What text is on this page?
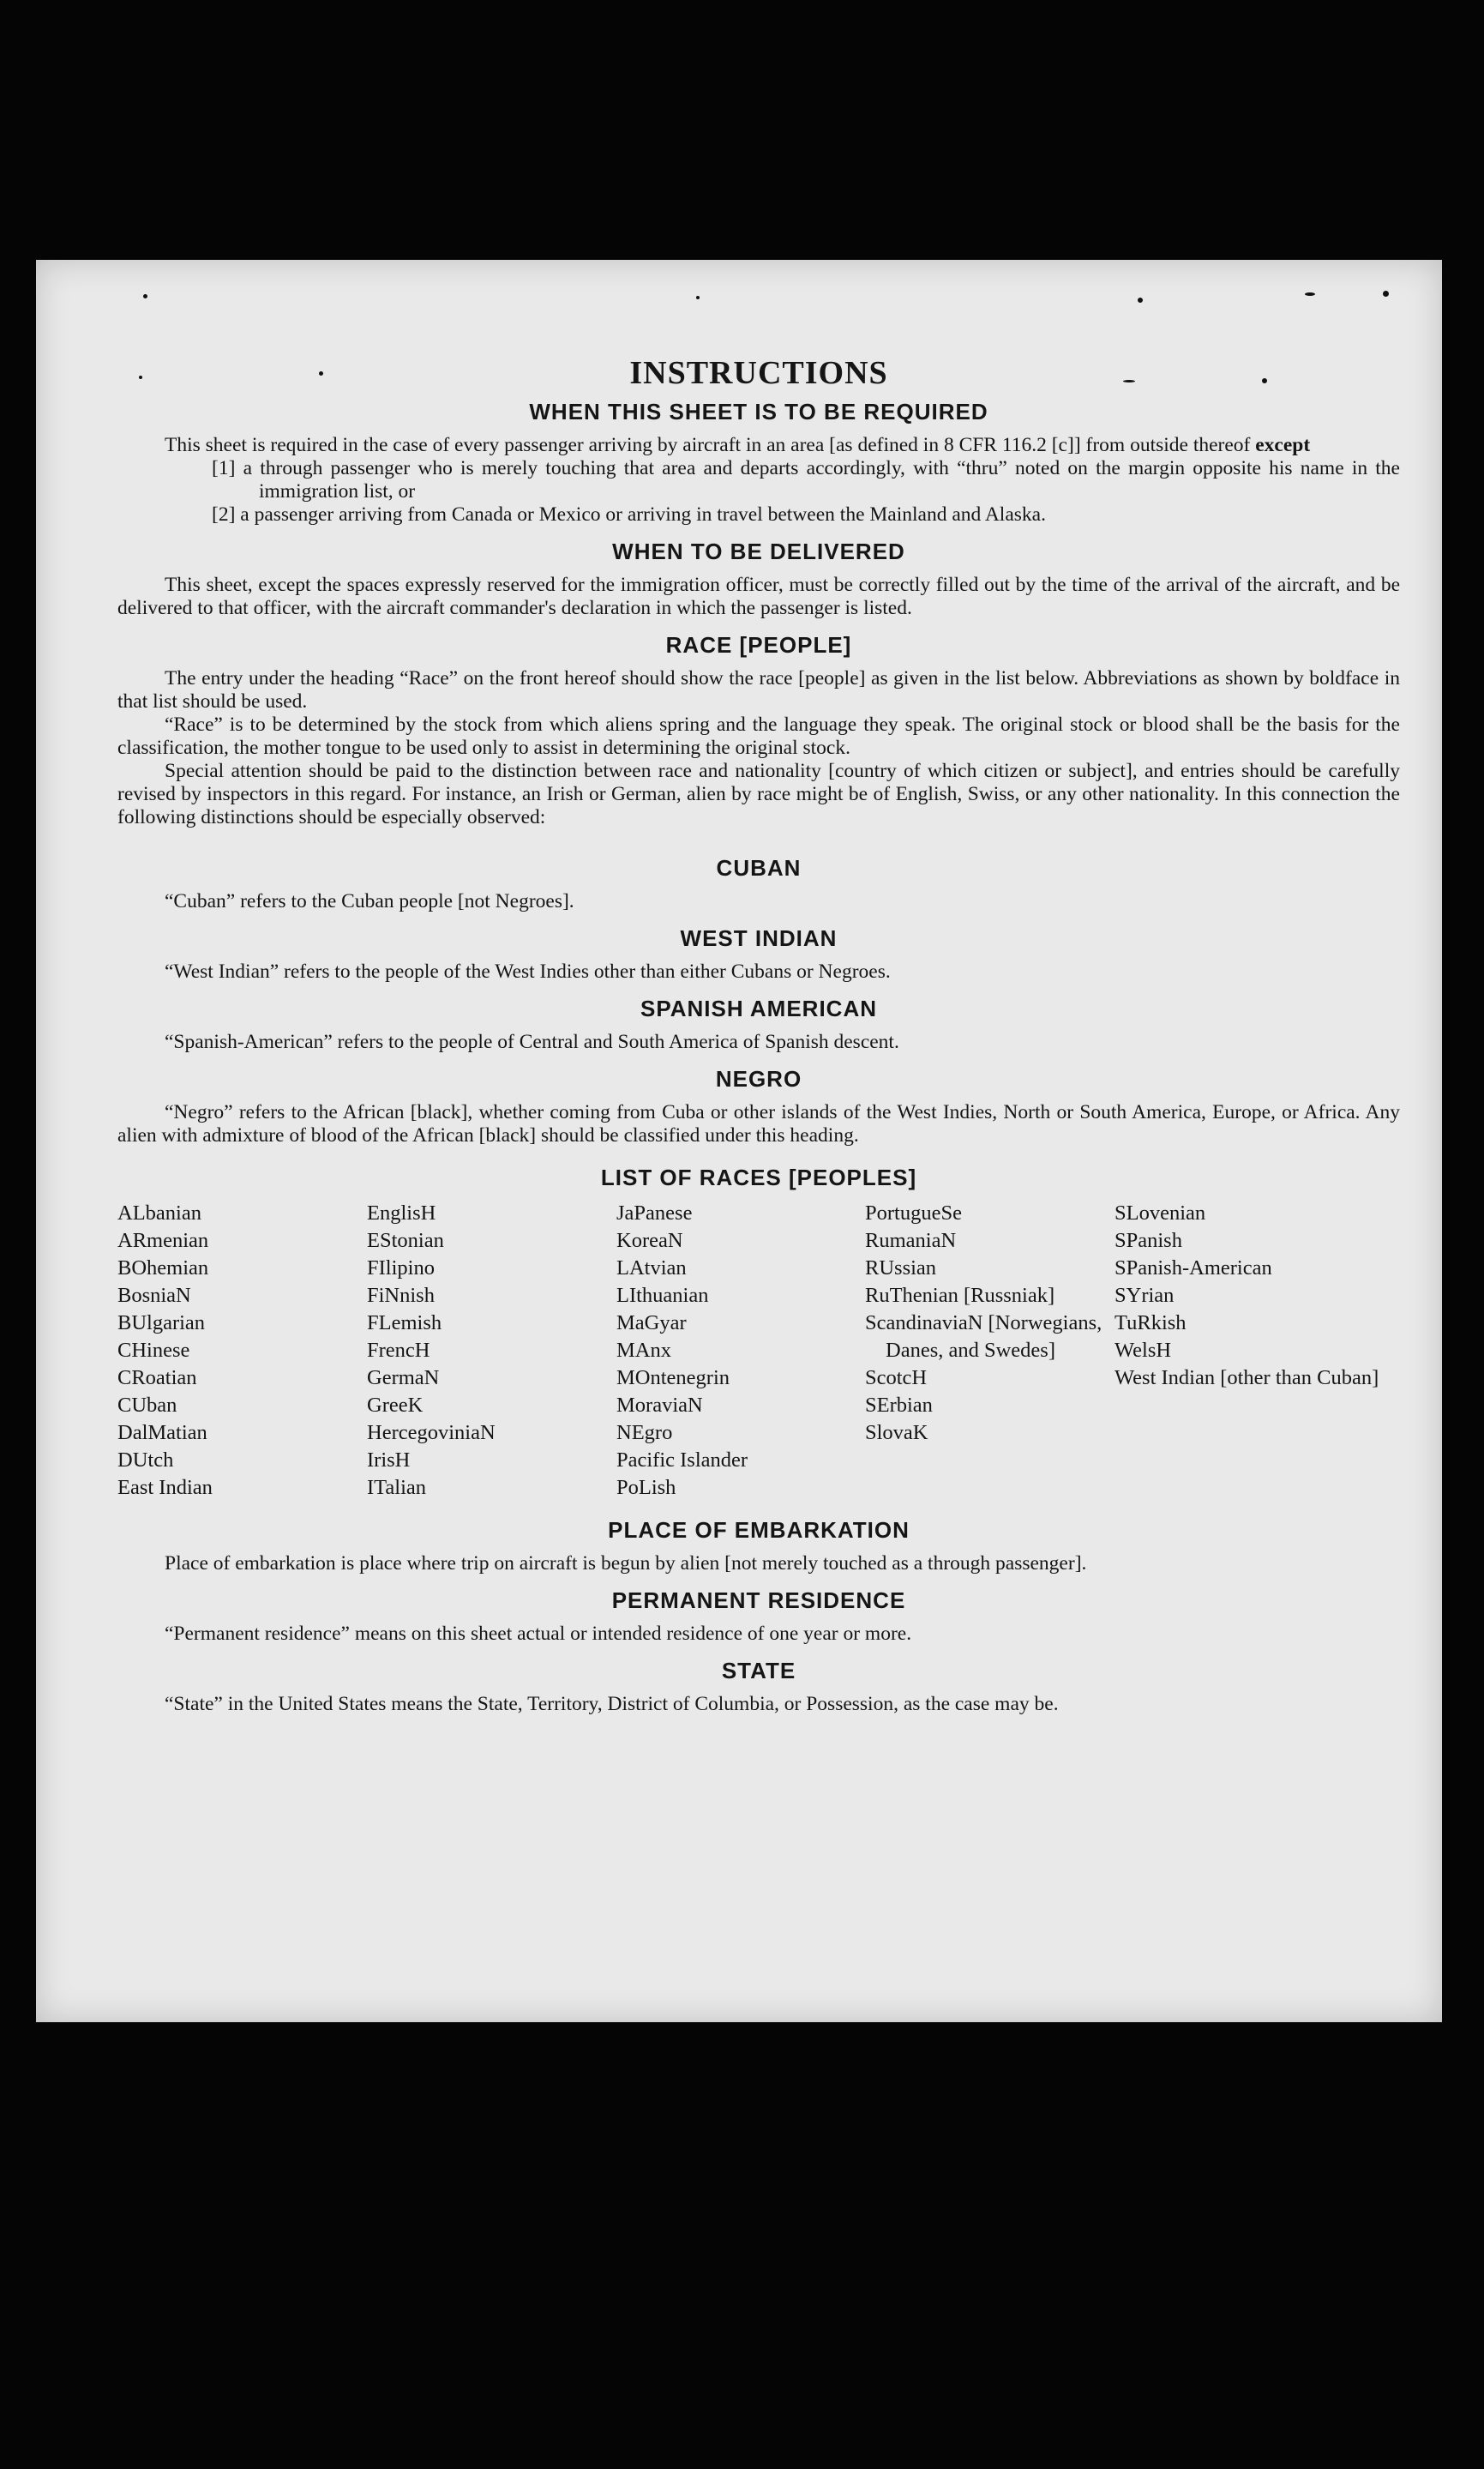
INSTRUCTIONS
WHEN THIS SHEET IS TO BE REQUIRED

This sheet is required in the case of every passenger arriving by aircraft in an area [as defined in 8 CFR 116.2 [c]] from outside thereof except

[1] a through passenger who is merely touching that area and departs accordingly, with “thru” noted on the margin opposite his name in the immigration list, or
[2] a passenger arriving from Canada or Mexico or arriving in travel between the Mainland and Alaska.
WHEN TO BE DELIVERED

This sheet, except the spaces expressly reserved for the immigration officer, must be correctly filled out by the time of the arrival of the aircraft, and be delivered to that officer, with the aircraft commander's declaration in which the passenger is listed.

RACE [PEOPLE]

The entry under the heading “Race” on the front hereof should show the race [people] as given in the list below. Abbreviations as shown by boldface in that list should be used.

“Race” is to be determined by the stock from which aliens spring and the language they speak. The original stock or blood shall be the basis for the classification, the mother tongue to be used only to assist in determining the original stock.

Special attention should be paid to the distinction between race and nationality [country of which citizen or subject], and entries should be carefully revised by inspectors in this regard. For instance, an Irish or German, alien by race might be of English, Swiss, or any other nationality. In this connection the following distinctions should be especially observed:

CUBAN

“Cuban” refers to the Cuban people [not Negroes].

WEST INDIAN

“West Indian” refers to the people of the West Indies other than either Cubans or Negroes.

SPANISH AMERICAN

“Spanish-American” refers to the people of Central and South America of Spanish descent.

NEGRO

“Negro” refers to the African [black], whether coming from Cuba or other islands of the West Indies, North or South America, Europe, or Africa. Any alien with admixture of blood of the African [black] should be classified under this heading.

LIST OF RACES [PEOPLES]
ALbanian
ARmenian
BOhemian
BosniaN
BUlgarian
CHinese
CRoatian
CUban
DalMatian
DUtch
East Indian
EnglisH
EStonian
FIlipino
FiNnish
FLemish
FrencH
GermaN
GreeK
HercegoviniaN
IrisH
ITalian
JaPanese
KoreaN
LAtvian
LIthuanian
MaGyar
MAnx
MOntenegrin
MoraviaN
NEgro
Pacific Islander
PoLish
PortugueSe
RumaniaN
RUssian
RuThenian [Russniak]
ScandinaviaN [Norwegians, Danes, and Swedes]
ScotcH
SErbian
SlovaK
SLovenian
SPanish
SPanish-American
SYrian
TuRkish
WelsH
West Indian [other than Cuban]
PLACE OF EMBARKATION

Place of embarkation is place where trip on aircraft is begun by alien [not merely touched as a through passenger].

PERMANENT RESIDENCE

“Permanent residence” means on this sheet actual or intended residence of one year or more.

STATE

“State” in the United States means the State, Territory, District of Columbia, or Possession, as the case may be.
